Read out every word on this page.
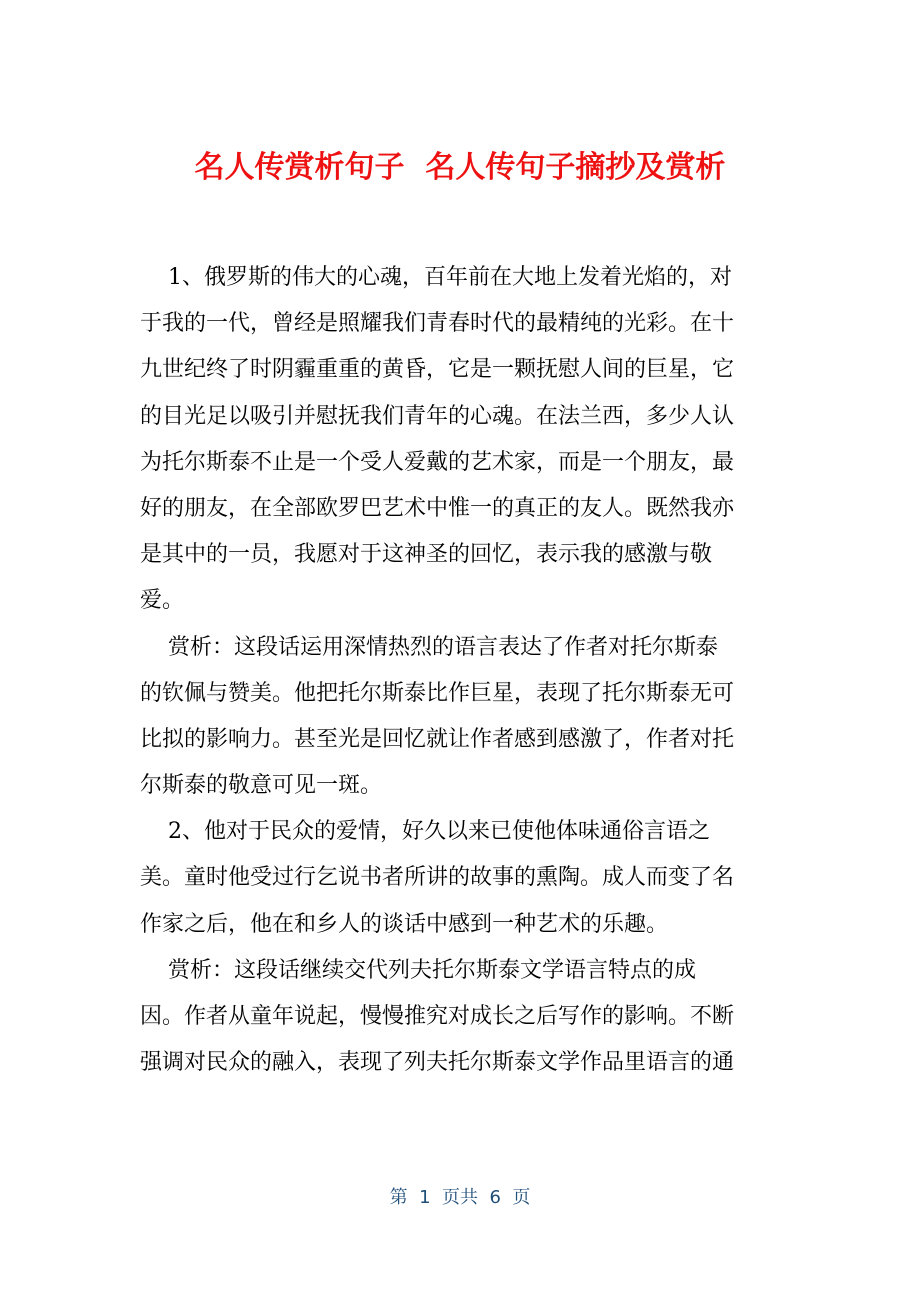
名人传赏析句子  名人传句子摘抄及赏析
1、俄罗斯的伟大的心魂，百年前在大地上发着光焰的，对
于我的一代，曾经是照耀我们青春时代的最精纯的光彩。在十
九世纪终了时阴霾重重的黄昏，它是一颗抚慰人间的巨星，它
的目光足以吸引并慰抚我们青年的心魂。在法兰西，多少人认
为托尔斯泰不止是一个受人爱戴的艺术家，而是一个朋友，最
好的朋友，在全部欧罗巴艺术中惟一的真正的友人。既然我亦
是其中的一员，我愿对于这神圣的回忆，表示我的感激与敬
爱。
赏析：这段话运用深情热烈的语言表达了作者对托尔斯泰
的钦佩与赞美。他把托尔斯泰比作巨星，表现了托尔斯泰无可
比拟的影响力。甚至光是回忆就让作者感到感激了，作者对托
尔斯泰的敬意可见一斑。
2、他对于民众的爱情，好久以来已使他体味通俗言语之
美。童时他受过行乞说书者所讲的故事的熏陶。成人而变了名
作家之后，他在和乡人的谈话中感到一种艺术的乐趣。
赏析：这段话继续交代列夫托尔斯泰文学语言特点的成
因。作者从童年说起，慢慢推究对成长之后写作的影响。不断
强调对民众的融入，表现了列夫托尔斯泰文学作品里语言的通
第  1  页共  6  页
